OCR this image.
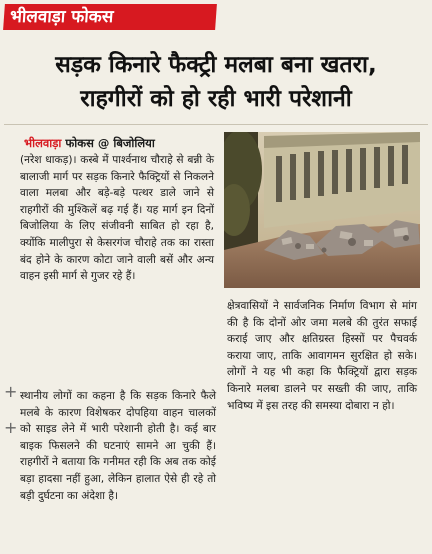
भीलवाड़ा फोकस
सड़क किनारे फैक्ट्री मलबा बना खतरा,
राहगीरों को हो रही भारी परेशानी
भीलवाड़ा फोकस @ बिजोलिया

(नरेश धाकड़)। कस्बे में पार्श्वनाथ चौराहे से बन्नी के बालाजी मार्ग पर सड़क किनारे फैक्ट्रियों से निकलने वाला मलबा और बड़े-बड़े पत्थर डाले जाने से राहगीरों की मुश्किलें बढ़ गई हैं। यह मार्ग इन दिनों बिजोलिया के लिए संजीवनी साबित हो रहा है, क्योंकि मालीपुरा से केसरगंज चौराहे तक का रास्ता बंद होने के कारण कोटा जाने वाली बसें और अन्य वाहन इसी मार्ग से गुजर रहे हैं।

+
+

स्थानीय लोगों का कहना है कि सड़क किनारे फैले मलबे के कारण विशेषकर दोपहिया वाहन चालकों को साइड लेने में भारी परेशानी होती है। कई बार बाइक फिसलने की घटनाएं सामने आ चुकी हैं। राहगीरों ने बताया कि गनीमत रही कि अब तक कोई बड़ा हादसा नहीं हुआ, लेकिन हालात ऐसे ही रहे तो बड़ी दुर्घटना का अंदेशा है।

क्षेत्रवासियों ने सार्वजनिक निर्माण विभाग से मांग की है कि दोनों ओर जमा मलबे की तुरंत सफाई कराई जाए और क्षतिग्रस्त हिस्सों पर पैचवर्क कराया जाए, ताकि आवागमन सुरक्षित हो सके। लोगों ने यह भी कहा कि फैक्ट्रियों द्वारा सड़क किनारे मलबा डालने पर सख्ती की जाए, ताकि भविष्य में इस तरह की समस्या दोबारा न हो।
